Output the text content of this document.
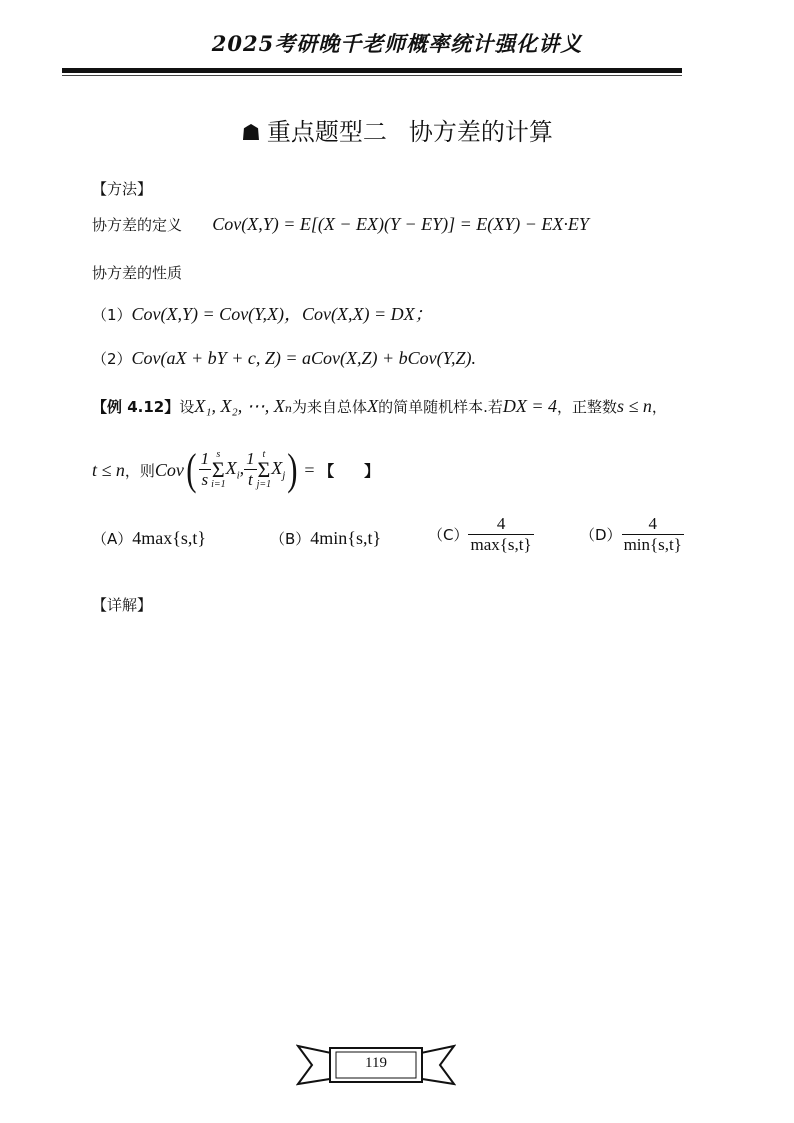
2025考研晚千老师概率统计强化讲义
☗ 重点题型二 协方差的计算
【方法】
协方差的定义 Cov(X,Y) = E[(X − EX)(Y − EY)] = E(XY) − EX·EY
协方差的性质
（1）Cov(X,Y) = Cov(Y,X)，Cov(X,X) = DX；
（2）Cov(aX + bY + c, Z) = aCov(X,Z) + bCov(Y,Z).
【例 4.12】设X₁, X₂, ⋯, Xₙ为来自总体X的简单随机样本.若DX = 4，正整数s ≤ n，
t ≤ n ，则 Cov ( $\frac{1}{s}$ s
Σ
i=1
$X_i$, $\frac{1}{t}$ t
Σ
j=1
$X_j$ ) = 【　　】
（A）4max{s,t}	（B）4min{s,t}	$(C) \frac{4}{\max\{s,t\}}$	$(D) \frac{4}{\min\{s,t\}}$
【详解】
119
